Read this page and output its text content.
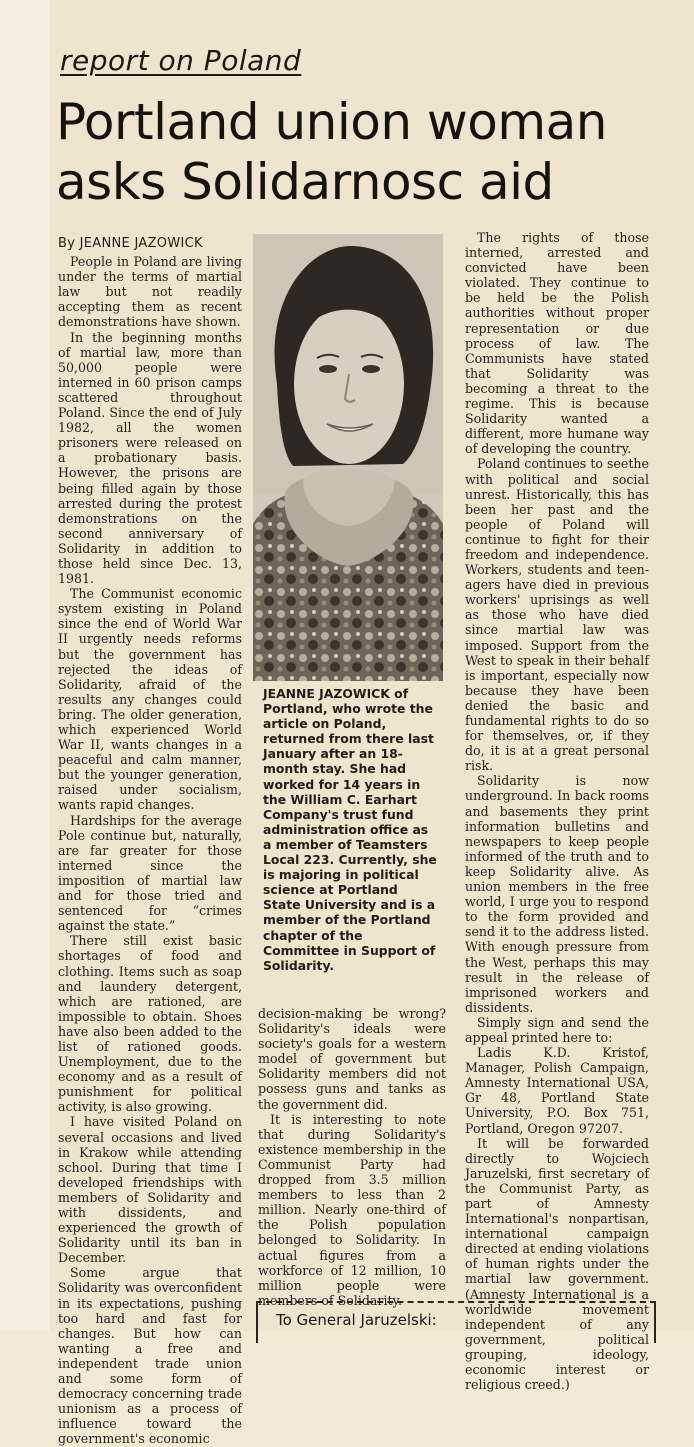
report on Poland
Portland union woman
asks Solidarnosc aid

By JEANNE JAZOWICK

People in Poland are living under the terms of martial law but not readily accepting them as recent demonstrations have shown.

In the beginning months of martial law, more than 50,000 people were interned in 60 prison camps scattered throughout Poland. Since the end of July 1982, all the women prisoners were released on a probationary basis. However, the prisons are being filled again by those arrested during the protest demonstrations on the second anniversary of Solidarity in addition to those held since Dec. 13, 1981.

The Communist economic system existing in Poland since the end of World War II urgently needs reforms but the government has rejected the ideas of Solidarity, afraid of the results any changes could bring. The older generation, which experienced World War II, wants changes in a peaceful and calm manner, but the younger generation, raised under socialism, wants rapid changes.

Hardships for the average Pole continue but, naturally, are far greater for those interned since the imposition of martial law and for those tried and sentenced for “crimes against the state.”

There still exist basic shortages of food and clothing. Items such as soap and laundery detergent, which are rationed, are impossible to obtain. Shoes have also been added to the list of rationed goods. Unemployment, due to the economy and as a result of punishment for political activity, is also growing.

I have visited Poland on several occasions and lived in Krakow while attending school. During that time I developed friendships with members of Solidarity and with dissidents, and experienced the growth of Solidarity until its ban in December.

Some argue that Solidarity was overconfident in its expectations, pushing too hard and fast for changes. But how can wanting a free and independent trade union and some form of democracy concerning trade unionism as a process of influence toward the government's economic

JEANNE JAZOWICK of Portland, who wrote the article on Poland, returned from there last January after an 18-month stay. She had worked for 14 years in the William C. Earhart Company's trust fund administration office as a member of Teamsters Local 223. Currently, she is majoring in political science at Portland State University and is a member of the Portland chapter of the Committee in Support of Solidarity.

decision-making be wrong? Solidarity's ideals were society's goals for a western model of government but Solidarity members did not possess guns and tanks as the government did.

It is interesting to note that during Solidarity's existence membership in the Communist Party had dropped from 3.5 million members to less than 2 million. Nearly one-third of the Polish population belonged to Solidarity. In actual figures from a workforce of 12 million, 10 million people were members of Solidarity.

The rights of those interned, arrested and convicted have been violated. They continue to be held be the Polish authorities without proper representation or due process of law. The Communists have stated that Solidarity was becoming a threat to the regime. This is because Solidarity wanted a different, more humane way of developing the country.

Poland continues to seethe with political and social unrest. Historically, this has been her past and the people of Poland will continue to fight for their freedom and independence. Workers, students and teen-agers have died in previous workers' uprisings as well as those who have died since martial law was imposed. Support from the West to speak in their behalf is important, especially now because they have been denied the basic and fundamental rights to do so for themselves, or, if they do, it is at a great personal risk.

Solidarity is now underground. In back rooms and basements they print information bulletins and newspapers to keep people informed of the truth and to keep Solidarity alive. As union members in the free world, I urge you to respond to the form provided and send it to the address listed. With enough pressure from the West, perhaps this may result in the release of imprisoned workers and dissidents.

Simply sign and send the appeal printed here to:

Ladis K.D. Kristof, Manager, Polish Campaign, Amnesty International USA, Gr 48, Portland State University, P.O. Box 751, Portland, Oregon 97207.

It will be forwarded directly to Wojciech Jaruzelski, first secretary of the Communist Party, as part of Amnesty International's nonpartisan, international campaign directed at ending violations of human rights under the martial law government. (Amnesty International is a worldwide movement independent of any government, political grouping, ideology, economic interest or religious creed.)

To General Jaruzelski:
